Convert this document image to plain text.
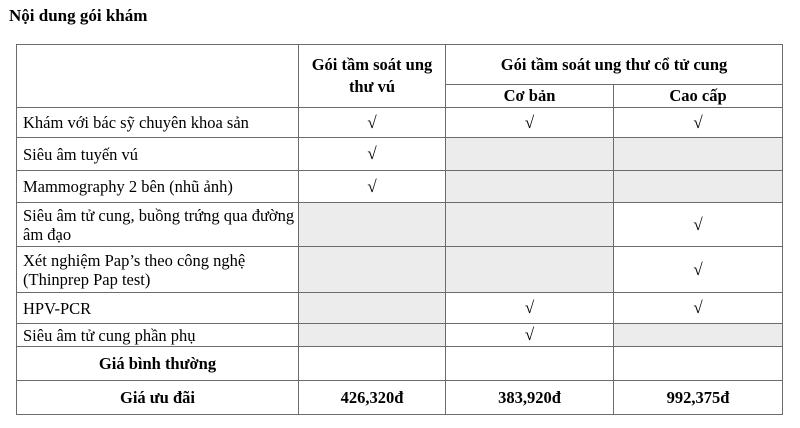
Nội dung gói khám
	Gói tầm soát ung thư vú	Gói tầm soát ung thư cổ tử cung	
		Cơ bản	Cao cấp
Khám với bác sỹ chuyên khoa sản	√	√	√
Siêu âm tuyến vú	√		
Mammography 2 bên (nhũ ảnh)	√		
Siêu âm tử cung, buồng trứng qua đường âm đạo			√
Xét nghiệm Pap’s theo công nghệ (Thinprep Pap test)			√
HPV-PCR		√	√
Siêu âm tử cung phần phụ		√	
Giá bình thường			
Giá ưu đãi	426,320đ	383,920đ	992,375đ
